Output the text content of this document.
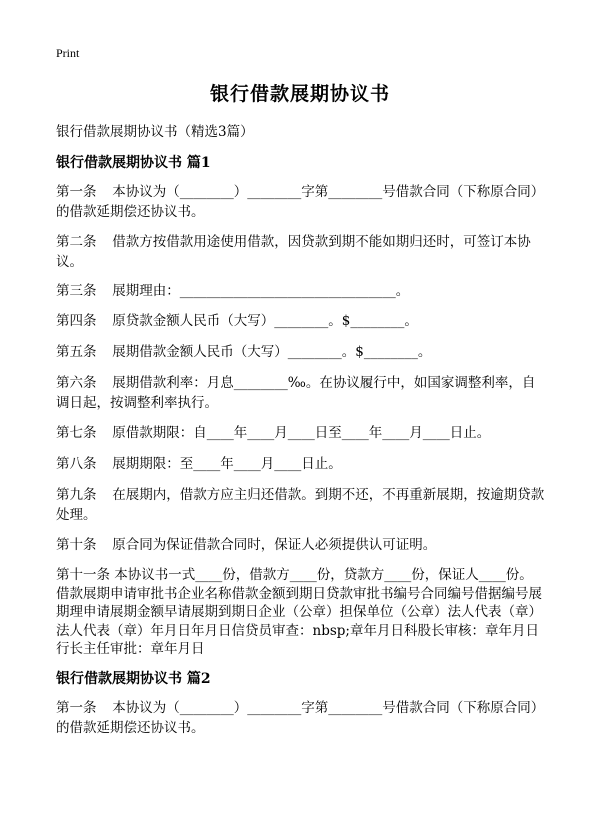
Print
银行借款展期协议书
银行借款展期协议书（精选3篇）
银行借款展期协议书 篇1
第一条 本协议为（________）________字第________号借款合同（下称原合同）的借款延期偿还协议书。
第二条 借款方按借款用途使用借款，因贷款到期不能如期归还时，可签订本协议。
第三条 展期理由：________________________________。
第四条 原贷款金额人民币（大写）________。$________。
第五条 展期借款金额人民币（大写）________。$________。
第六条 展期借款利率：月息________‰。在协议履行中，如国家调整利率，自调日起，按调整利率执行。
第七条 原借款期限：自____年____月____日至____年____月____日止。
第八条 展期期限：至____年____月____日止。
第九条 在展期内，借款方应主归还借款。到期不还，不再重新展期，按逾期贷款处理。
第十条 原合同为保证借款合同时，保证人必须提供认可证明。
第十一条 本协议书一式____份，借款方____份，贷款方____份，保证人____份。借款展期申请审批书企业名称借款金额到期日贷款审批书编号合同编号借据编号展期理申请展期金额早请展期到期日企业（公章）担保单位（公章）法人代表（章）法人代表（章）年月日年月日信贷员审查：nbsp;章年月日科股长审核：章年月日行长主任审批：章年月日
银行借款展期协议书 篇2
第一条 本协议为（________）________字第________号借款合同（下称原合同）的借款延期偿还协议书。
